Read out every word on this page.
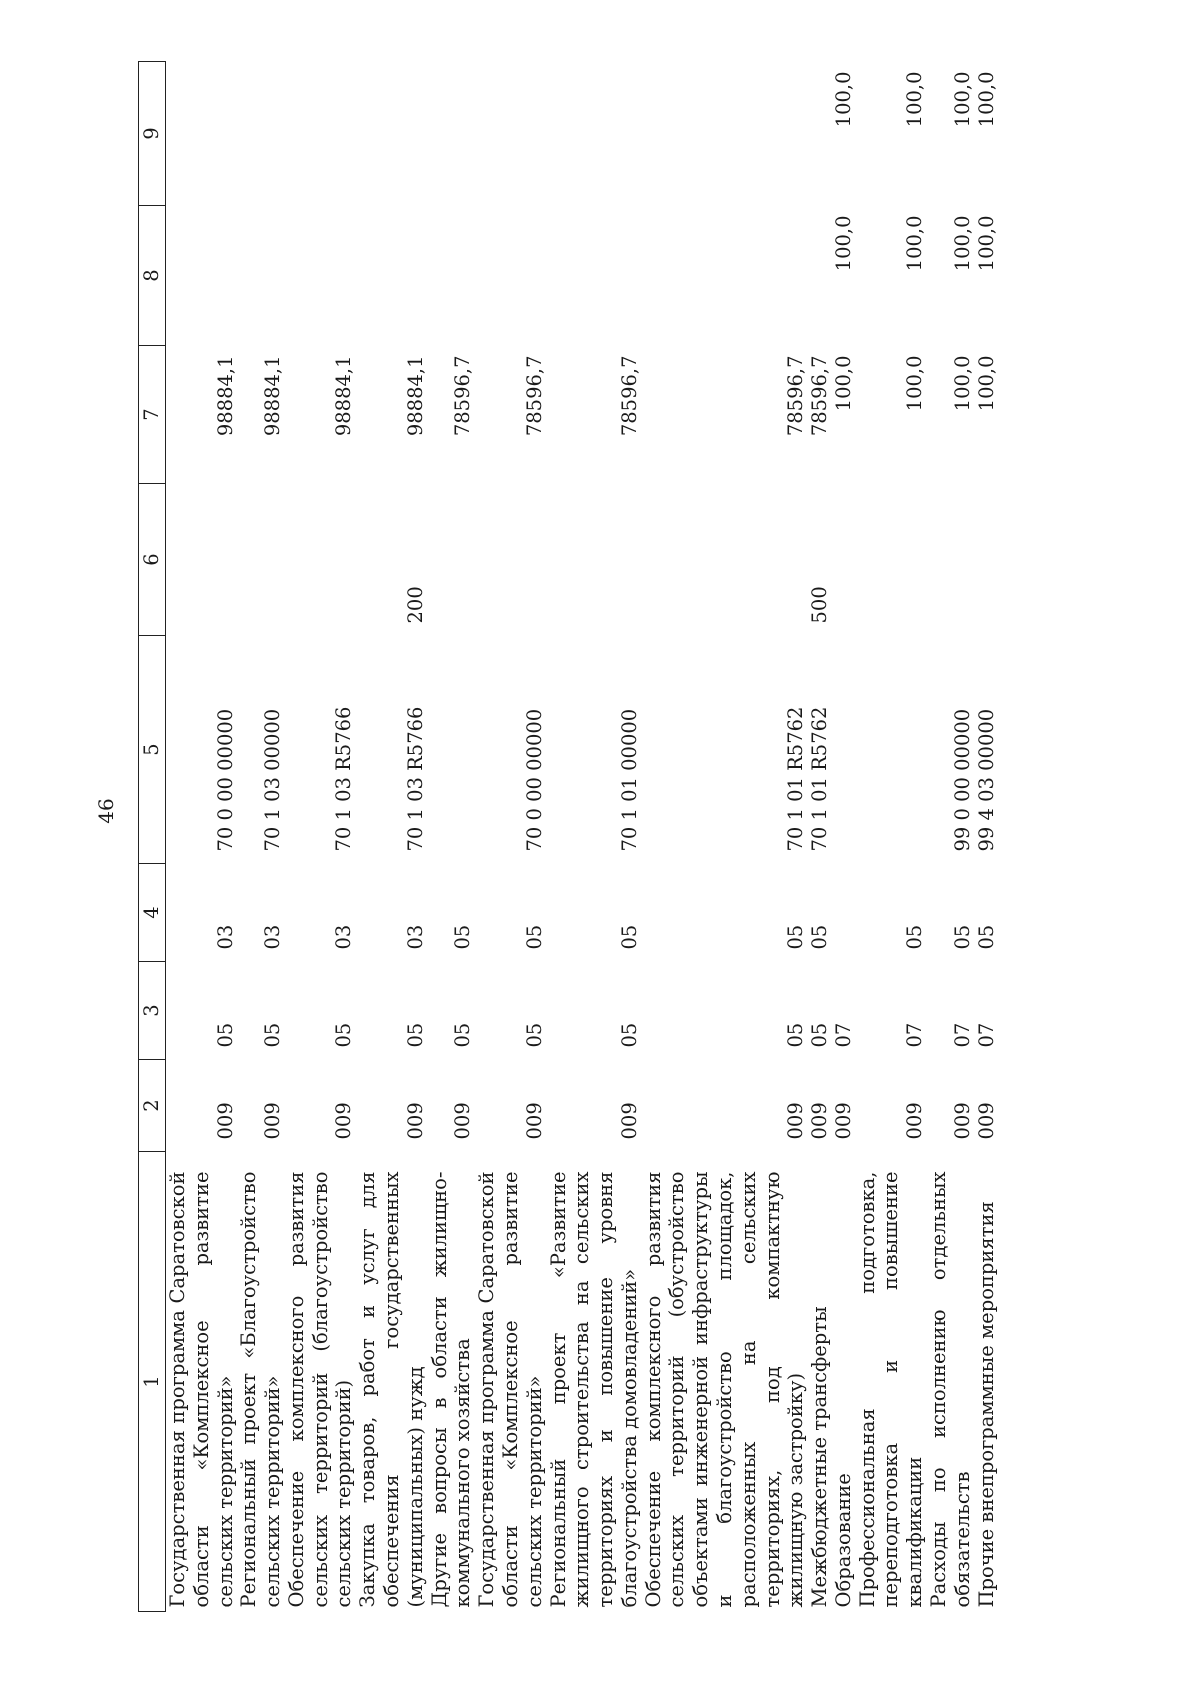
46
1	2	3	4	5	6	7	8	9
Государственная программа Саратовской области «Комплексное развитие сельских территорий»	009	05	03	70 0 00 00000		98884,1		
Региональный проект «Благоустройство сельских территорий»	009	05	03	70 1 03 00000		98884,1		
Обеспечение комплексного развития сельских территорий (благоустройство сельских территорий)	009	05	03	70 1 03 R5766		98884,1		
Закупка товаров, работ и услуг для обеспечения государственных (муниципальных) нужд	009	05	03	70 1 03 R5766	200	98884,1		
Другие вопросы в области жилищно-коммунального хозяйства	009	05	05			78596,7		
Государственная программа Саратовской области «Комплексное развитие сельских территорий»	009	05	05	70 0 00 00000		78596,7		
Региональный проект «Развитие жилищного строительства на сельских территориях и повышение уровня благоустройства домовладений»	009	05	05	70 1 01 00000		78596,7		
Обеспечение комплексного развития сельских территорий (обустройство объектами инженерной инфраструктуры и благоустройство площадок, расположенных на сельских территориях, под компактную жилищную застройку)	009	05	05	70 1 01 R5762		78596,7		
Межбюджетные трансферты	009	05	05	70 1 01 R5762	500	78596,7		
Образование	009	07				100,0	100,0	100,0
Профессиональная подготовка, переподготовка и повышение квалификации	009	07	05			100,0	100,0	100,0
Расходы по исполнению отдельных обязательств	009	07	05	99 0 00 00000		100,0	100,0	100,0
Прочие внепрограммные мероприятия	009	07	05	99 4 03 00000		100,0	100,0	100,0
